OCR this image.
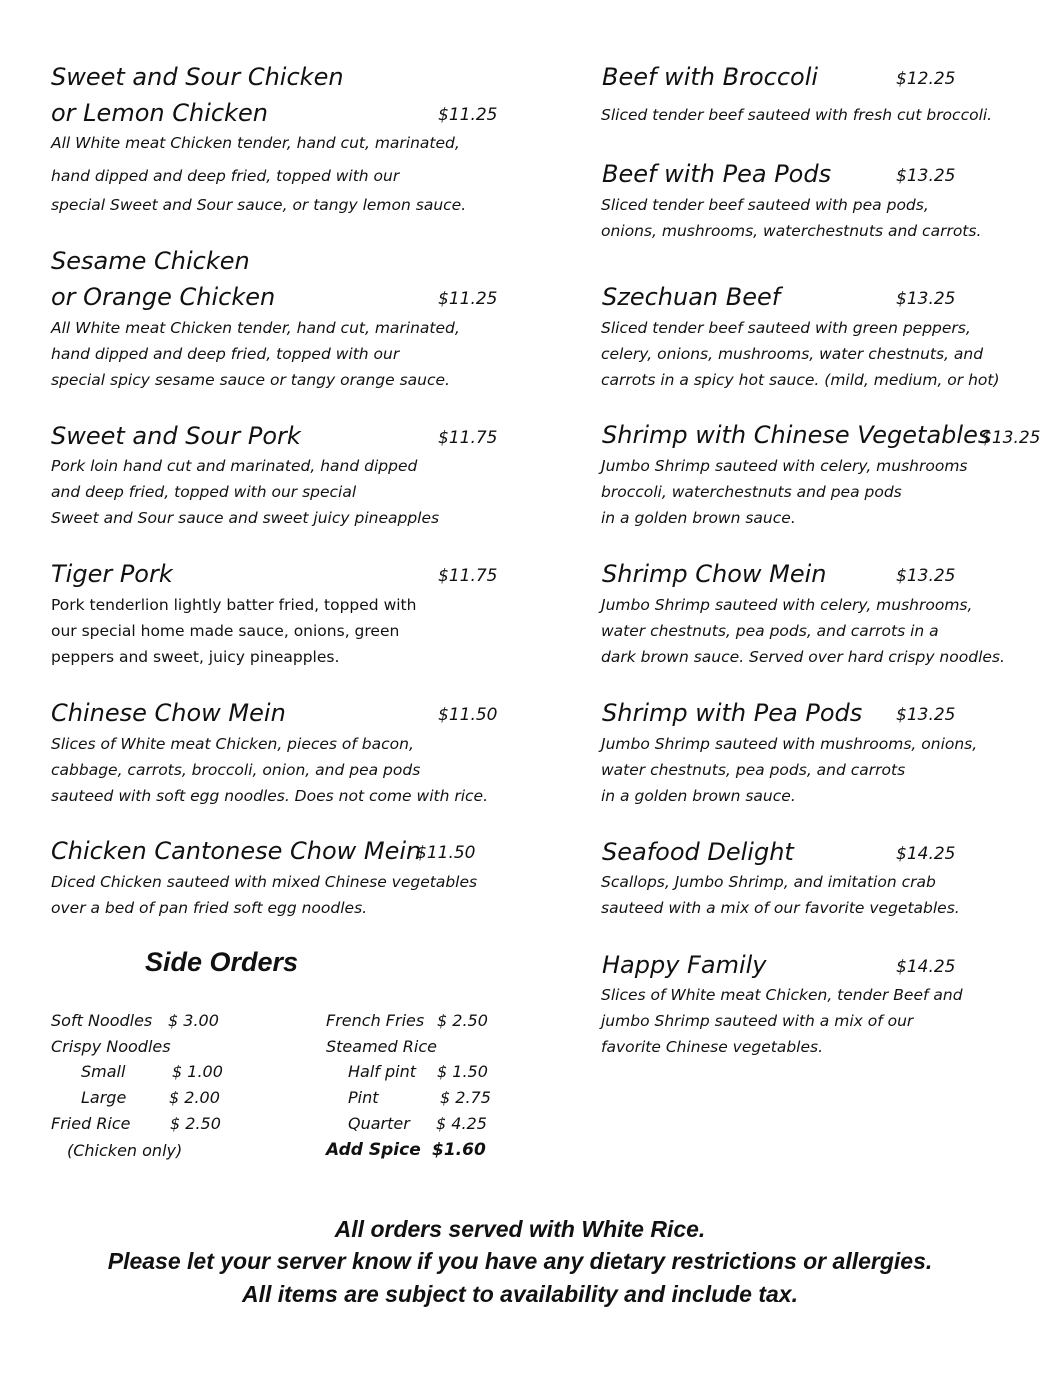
Sweet and Sour Chicken
or Lemon Chicken	$11.25
All White meat Chicken tender, hand cut, marinated,
hand dipped and deep fried, topped with our
special Sweet and Sour sauce, or tangy lemon sauce.
Sesame Chicken
or Orange Chicken	$11.25
All White meat Chicken tender, hand cut, marinated,
hand dipped and deep fried, topped with our
special spicy sesame sauce or tangy orange sauce.
Sweet and Sour Pork	$11.75
Pork loin hand cut and marinated, hand dipped
and deep fried, topped with our special
Sweet and Sour sauce and sweet juicy pineapples
Tiger Pork	$11.75
Pork tenderlion lightly batter fried, topped with
our special home made sauce, onions, green
peppers and sweet, juicy pineapples.
Chinese Chow Mein	$11.50
Slices of White meat Chicken, pieces of bacon,
cabbage, carrots, broccoli, onion, and pea pods
sauteed with soft egg noodles. Does not come with rice.
Chicken Cantonese Chow Mein
$11.50
Diced Chicken sauteed with mixed Chinese vegetables
over a bed of pan fried soft egg noodles.
Side Orders
Soft Noodles $ 3.00
Crispy Noodles
Small	$ 1.00
Large	$ 2.00
Fried Rice $ 2.50
(Chicken only)
French Fries $ 2.50
Steamed Rice
Half pint $ 1.50
Pint	$ 2.75
Quarter $ 4.25
Add Spice $1.60
Beef with Broccoli	$12.25
Sliced tender beef sauteed with fresh cut broccoli.
Beef with Pea Pods	$13.25
Sliced tender beef sauteed with pea pods,
onions, mushrooms, waterchestnuts and carrots.
Szechuan Beef	$13.25
Sliced tender beef sauteed with green peppers,
celery, onions, mushrooms, water chestnuts, and
carrots in a spicy hot sauce. (mild, medium, or hot)
Shrimp with Chinese Vegetables
$13.25
Jumbo Shrimp sauteed with celery, mushrooms
broccoli, waterchestnuts and pea pods
in a golden brown sauce.
Shrimp Chow Mein	$13.25
Jumbo Shrimp sauteed with celery, mushrooms,
water chestnuts, pea pods, and carrots in a
dark brown sauce. Served over hard crispy noodles.
Shrimp with Pea Pods $13.25
Jumbo Shrimp sauteed with mushrooms, onions,
water chestnuts, pea pods, and carrots
in a golden brown sauce.
Seafood Delight	$14.25
Scallops, Jumbo Shrimp, and imitation crab
sauteed with a mix of our favorite vegetables.
Happy Family	$14.25
Slices of White meat Chicken, tender Beef and
jumbo Shrimp sauteed with a mix of our
favorite Chinese vegetables.
All orders served with White Rice.
Please let your server know if you have any dietary restrictions or allergies.
All items are subject to availability and include tax.
